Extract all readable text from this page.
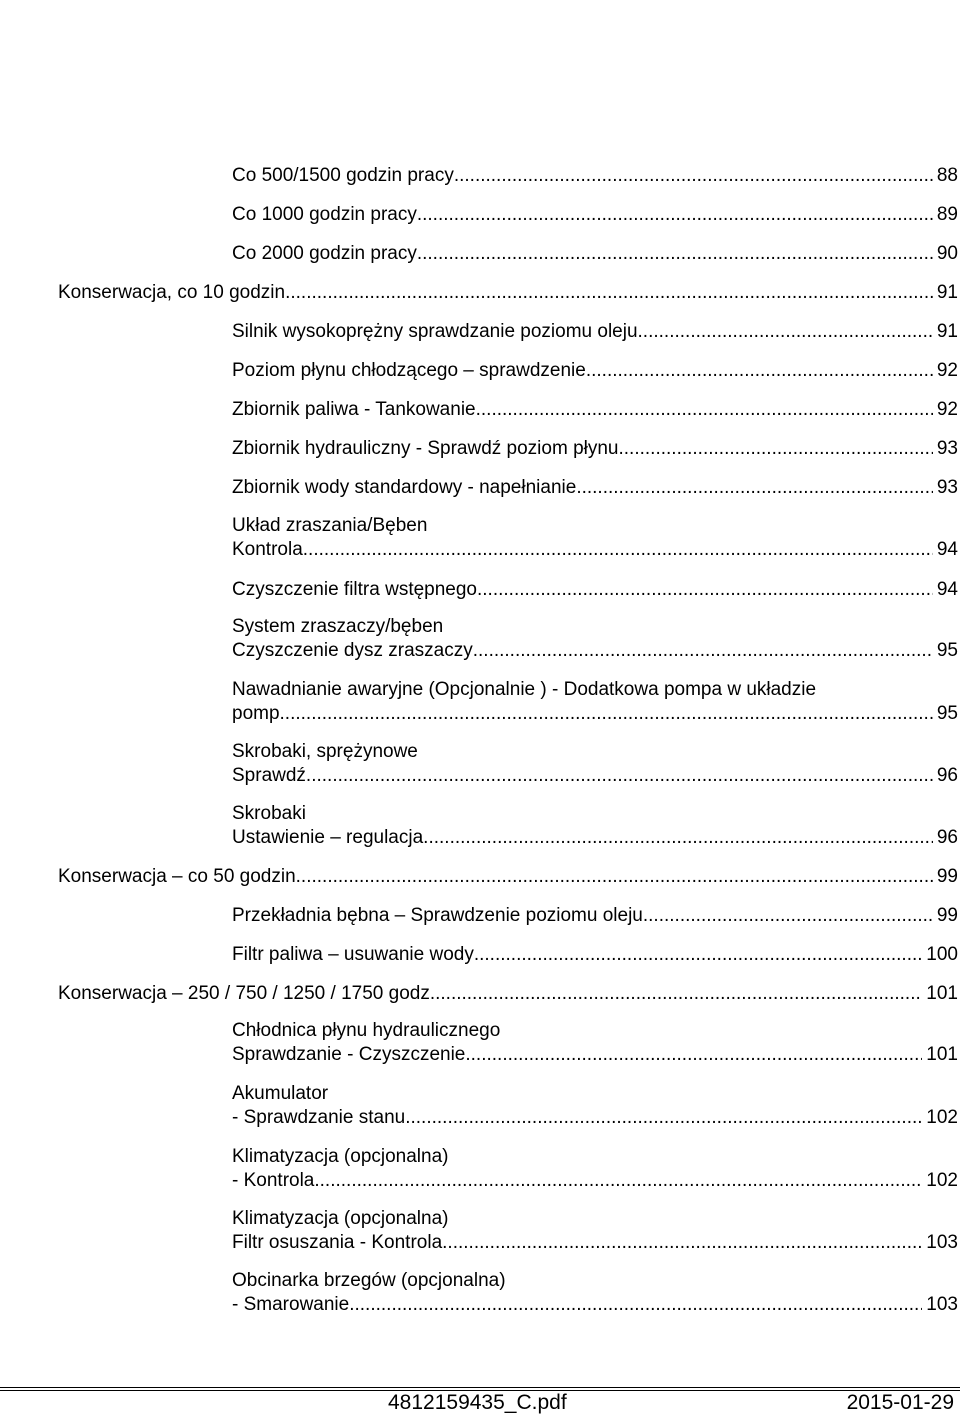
Co 500/1500 godzin pracy .....	88
Co 1000 godzin pracy .....	89
Co 2000 godzin pracy .....	90
Konserwacja, co 10 godzin .....	91
Silnik wysokoprężny sprawdzanie poziomu oleju .....	91
Poziom płynu chłodzącego – sprawdzenie .....	92
Zbiornik paliwa - Tankowanie .....	92
Zbiornik hydrauliczny - Sprawdź poziom płynu .....	93
Zbiornik wody standardowy - napełnianie .....	93
Układ zraszania/Bęben
Kontrola .....	94
Czyszczenie filtra wstępnego .....	94
System zraszaczy/bęben
Czyszczenie dysz zraszaczy .....	95
Nawadnianie awaryjne (Opcjonalnie ) - Dodatkowa pompa w układzie
pomp .....	95
Skrobaki, sprężynowe
Sprawdź .....	96
Skrobaki
Ustawienie – regulacja .....	96
Konserwacja – co 50 godzin .....	99
Przekładnia bębna – Sprawdzenie poziomu oleju .....	99
Filtr paliwa – usuwanie wody .....	100
Konserwacja – 250 / 750 / 1250 / 1750 godz. .....	101
Chłodnica płynu hydraulicznego
Sprawdzanie - Czyszczenie .....	101
Akumulator
- Sprawdzanie stanu .....	102
Klimatyzacja (opcjonalna)
- Kontrola .....	102
Klimatyzacja (opcjonalna)
Filtr osuszania - Kontrola .....	103
Obcinarka brzegów (opcjonalna)
- Smarowanie .....	103
4812159435_C.pdf	2015-01-29
